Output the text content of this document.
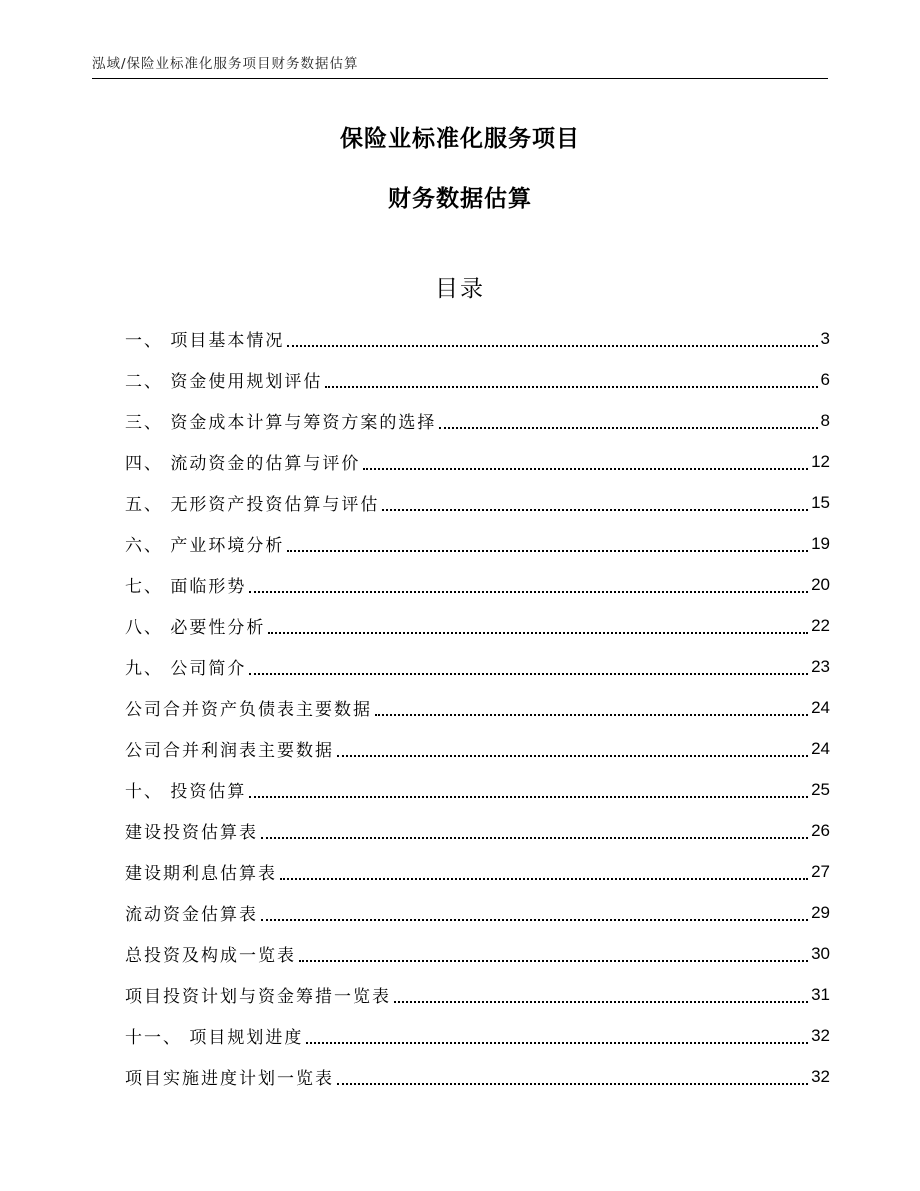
泓域/保险业标准化服务项目财务数据估算
保险业标准化服务项目
财务数据估算
目录
一、 项目基本情况	3
二、 资金使用规划评估	6
三、 资金成本计算与筹资方案的选择	8
四、 流动资金的估算与评价	12
五、 无形资产投资估算与评估	15
六、 产业环境分析	19
七、 面临形势	20
八、 必要性分析	22
九、 公司简介	23
公司合并资产负债表主要数据	24
公司合并利润表主要数据	24
十、 投资估算	25
建设投资估算表	26
建设期利息估算表	27
流动资金估算表	29
总投资及构成一览表	30
项目投资计划与资金筹措一览表	31
十一、 项目规划进度	32
项目实施进度计划一览表	32
